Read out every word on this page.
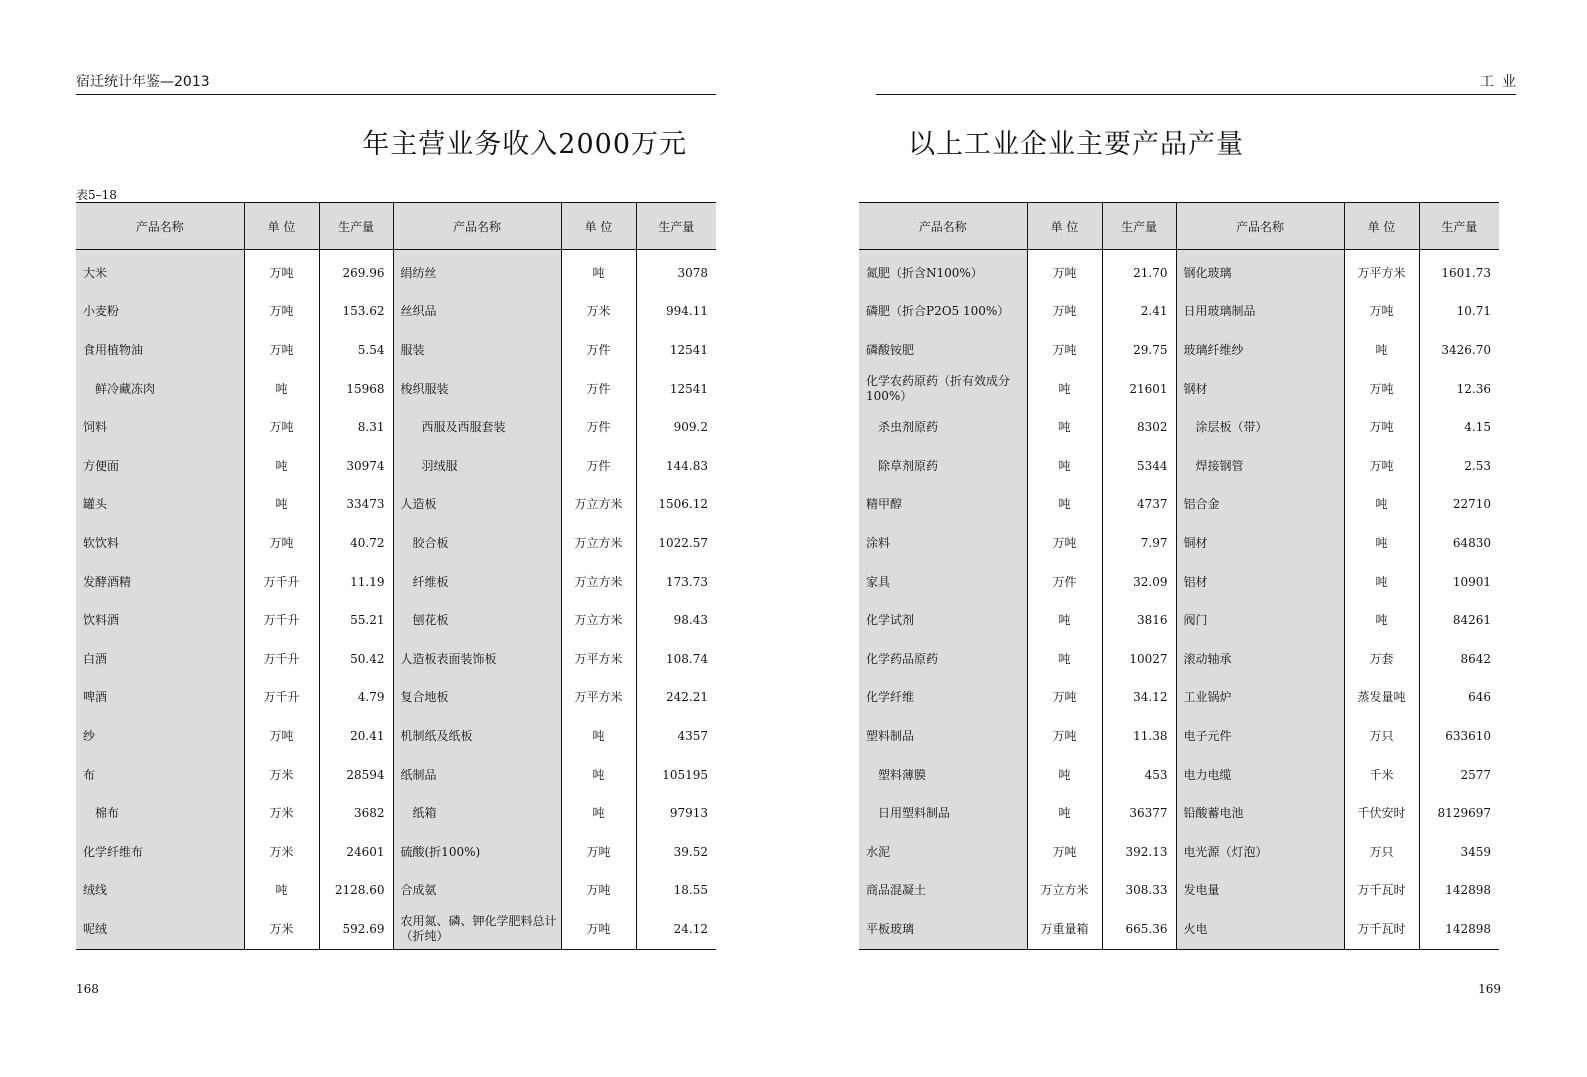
宿迁统计年鉴—2013
年主营业务收入2000万元
表5–18
产品名称	单 位	生产量	产品名称	单 位	生产量
大米	万吨	269.96	绢纺丝	吨	3078
小麦粉	万吨	153.62	丝织品	万米	994.11
食用植物油	万吨	5.54	服装	万件	12541
鲜冷藏冻肉	吨	15968	梭织服装	万件	12541
饲料	万吨	8.31	西服及西服套装	万件	909.2
方便面	吨	30974	羽绒服	万件	144.83
罐头	吨	33473	人造板	万立方米	1506.12
软饮料	万吨	40.72	胶合板	万立方米	1022.57
发酵酒精	万千升	11.19	纤维板	万立方米	173.73
饮料酒	万千升	55.21	刨花板	万立方米	98.43
白酒	万千升	50.42	人造板表面装饰板	万平方米	108.74
啤酒	万千升	4.79	复合地板	万平方米	242.21
纱	万吨	20.41	机制纸及纸板	吨	4357
布	万米	28594	纸制品	吨	105195
棉布	万米	3682	纸箱	吨	97913
化学纤维布	万米	24601	硫酸(折100%)	万吨	39.52
绒线	吨	2128.60	合成氨	万吨	18.55
呢绒	万米	592.69	农用氮、磷、钾化学肥料总计（折纯）	万吨	24.12
168
工业
以上工业企业主要产品产量
产品名称	单 位	生产量	产品名称	单 位	生产量
氮肥（折含N100%）	万吨	21.70	钢化玻璃	万平方米	1601.73
磷肥（折合P2O5 100%）	万吨	2.41	日用玻璃制品	万吨	10.71
磷酸铵肥	万吨	29.75	玻璃纤维纱	吨	3426.70
化学农药原药（折有效成分100%）	吨	21601	钢材	万吨	12.36
杀虫剂原药	吨	8302	涂层板（带）	万吨	4.15
除草剂原药	吨	5344	焊接钢管	万吨	2.53
精甲醇	吨	4737	铝合金	吨	22710
涂料	万吨	7.97	铜材	吨	64830
家具	万件	32.09	铝材	吨	10901
化学试剂	吨	3816	阀门	吨	84261
化学药品原药	吨	10027	滚动轴承	万套	8642
化学纤维	万吨	34.12	工业锅炉	蒸发量吨	646
塑料制品	万吨	11.38	电子元件	万只	633610
塑料薄膜	吨	453	电力电缆	千米	2577
日用塑料制品	吨	36377	铅酸蓄电池	千伏安时	8129697
水泥	万吨	392.13	电光源（灯泡）	万只	3459
商品混凝土	万立方米	308.33	发电量	万千瓦时	142898
平板玻璃	万重量箱	665.36	火电	万千瓦时	142898
169
